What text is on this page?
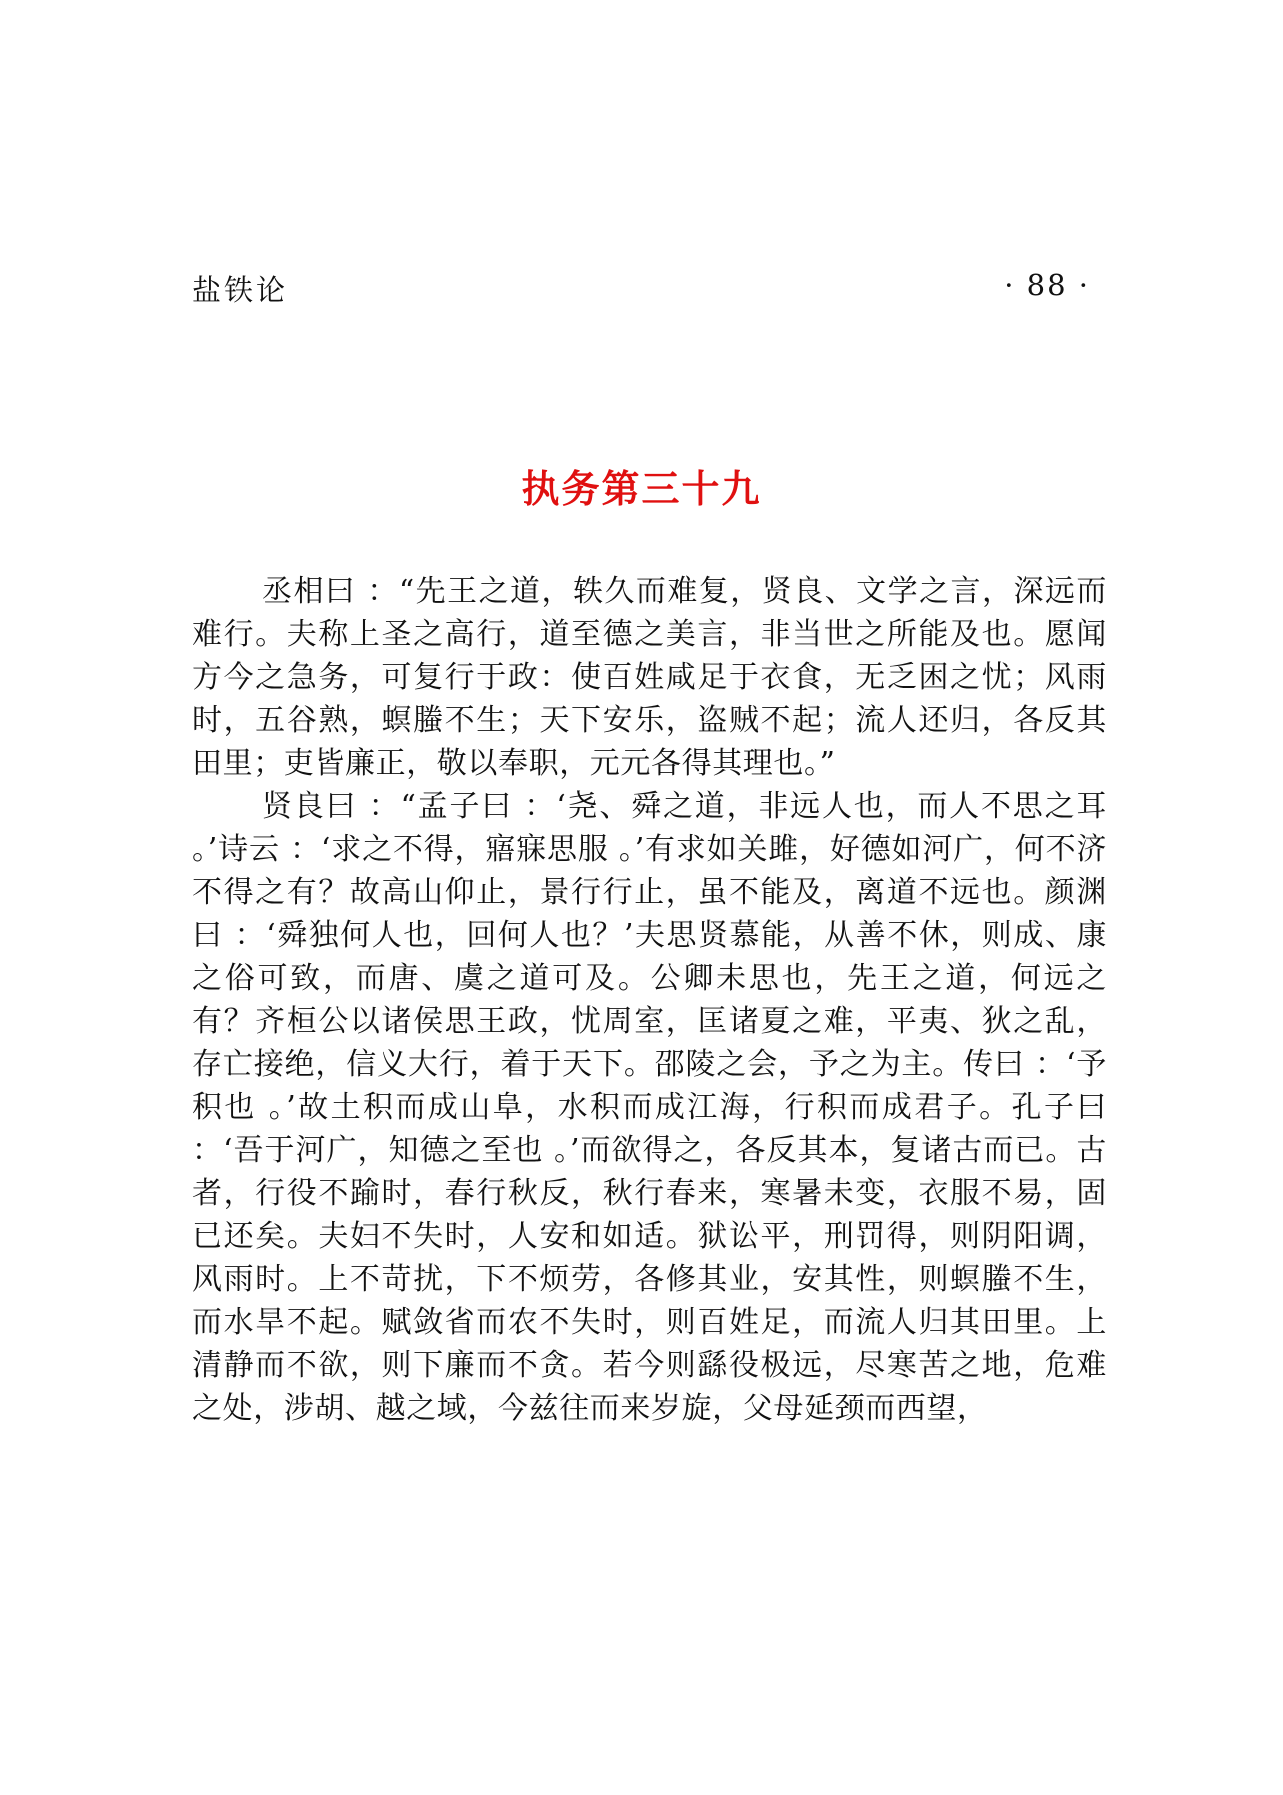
盐铁论	· 88 ·
执务第三十九

丞相曰 ：“先王之道，轶久而难复，贤良、文学之言，深远而难行。夫称上圣之高行，道至德之美言，非当世之所能及也。愿闻方今之急务，可复行于政：使百姓咸足于衣食，无乏困之忧；风雨时，五谷熟，螟螣不生；天下安乐，盗贼不起；流人还归，各反其田里；吏皆廉正，敬以奉职，元元各得其理也。”

贤良曰 ：“孟子曰 ：‘尧、舜之道，非远人也，而人不思之耳 。’诗云 ：‘求之不得，寤寐思服 。’有求如关雎，好德如河广，何不济不得之有？故高山仰止，景行行止，虽不能及，离道不远也。颜渊曰 ：‘舜独何人也，回何人也？’夫思贤慕能，从善不休，则成、康之俗可致，而唐、虞之道可及。公卿未思也，先王之道，何远之有？齐桓公以诸侯思王政，忧周室，匡诸夏之难，平夷、狄之乱，存亡接绝，信义大行，着于天下。邵陵之会，予之为主。传曰 ：‘予积也 。’故土积而成山阜，水积而成江海，行积而成君子。孔子曰 ：‘吾于河广，知德之至也 。’而欲得之，各反其本，复诸古而已。古者，行役不踰时，春行秋反，秋行春来，寒暑未变，衣服不易，固已还矣。夫妇不失时，人安和如适。狱讼平，刑罚得，则阴阳调，风雨时。上不苛扰，下不烦劳，各修其业，安其性，则螟螣不生，而水旱不起。赋敛省而农不失时，则百姓足，而流人归其田里。上清静而不欲，则下廉而不贪。若今则繇役极远，尽寒苦之地，危难之处，涉胡、越之域，今兹往而来岁旋，父母延颈而西望，
